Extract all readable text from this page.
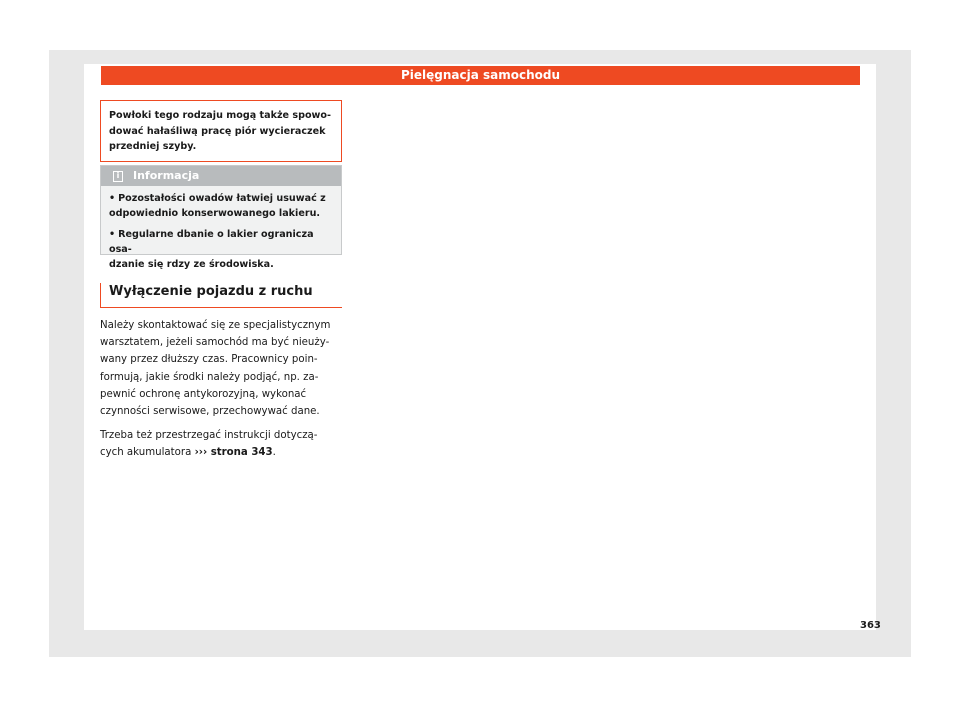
Pielęgnacja samochodu
Powłoki tego rodzaju mogą także spowo-
dować hałaśliwą pracę piór wycieraczek
przedniej szyby.
i	Informacja
• Pozostałości owadów łatwiej usuwać z
odpowiednio konserwowanego lakieru.
• Regularne dbanie o lakier ogranicza osa-
dzanie się rdzy ze środowiska.
Wyłączenie pojazdu z ruchu

Należy skontaktować się ze specjalistycznym
warsztatem, jeżeli samochód ma być nieuży-
wany przez dłuższy czas. Pracownicy poin-
formują, jakie środki należy podjąć, np. za-
pewnić ochronę antykorozyjną, wykonać
czynności serwisowe, przechowywać dane.

Trzeba też przestrzegać instrukcji dotyczą-
cych akumulatora ››› strona 343.

363
